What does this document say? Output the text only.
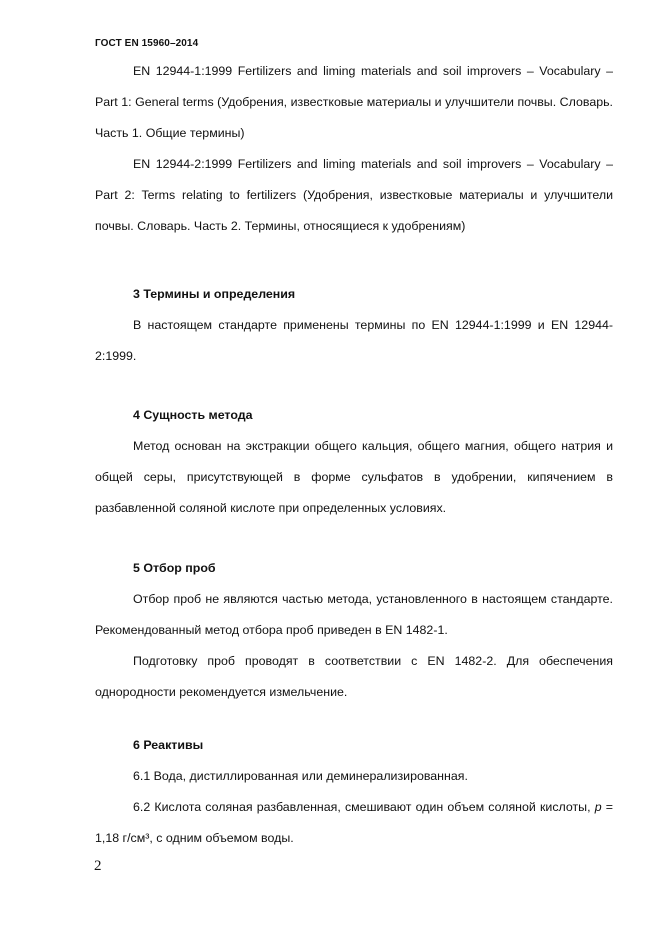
ГОСТ EN 15960–2014

EN 12944-1:1999 Fertilizers and liming materials and soil improvers – Vocabulary – Part 1: General terms (Удобрения, известковые материалы и улучшители почвы. Словарь. Часть 1. Общие термины)

EN 12944-2:1999 Fertilizers and liming materials and soil improvers – Vocabulary – Part 2: Terms relating to fertilizers (Удобрения, известковые материалы и улучшители почвы. Словарь. Часть 2. Термины, относящиеся к удобрениям)

3 Термины и определения

В настоящем стандарте применены термины по EN 12944-1:1999 и EN 12944-2:1999.

4 Сущность метода

Метод основан на экстракции общего кальция, общего магния, общего натрия и общей серы, присутствующей в форме сульфатов в удобрении, кипячением в разбавленной соляной кислоте при определенных условиях.

5 Отбор проб

Отбор проб не являются частью метода, установленного в настоящем стандарте. Рекомендованный метод отбора проб приведен в EN 1482-1.

Подготовку проб проводят в соответствии с EN 1482-2. Для обеспечения однородности рекомендуется измельчение.

6 Реактивы

6.1 Вода, дистиллированная или деминерализированная.

6.2 Кислота соляная разбавленная, смешивают один объем соляной кислоты, p = 1,18 г/см³, с одним объемом воды.

2
